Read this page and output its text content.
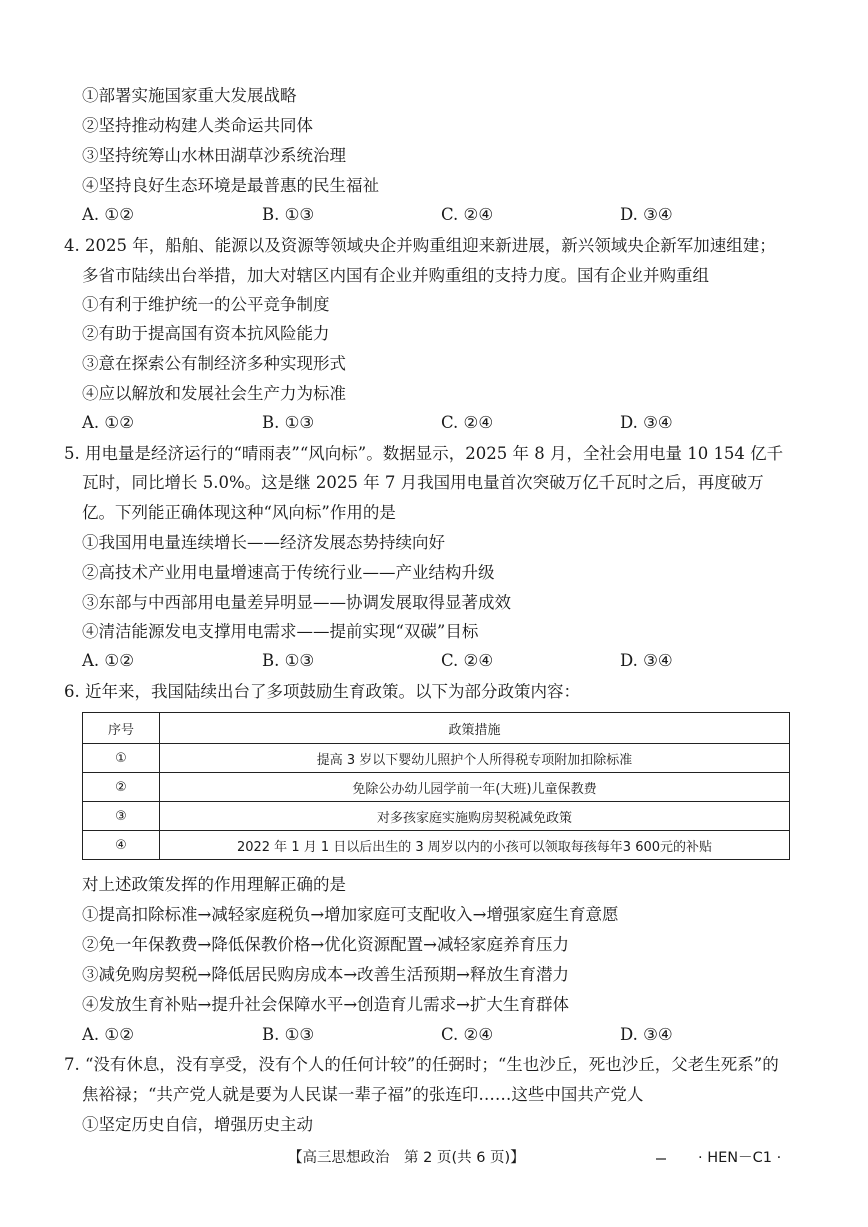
①部署实施国家重大发展战略
②坚持推动构建人类命运共同体
③坚持统筹山水林田湖草沙系统治理
④坚持良好生态环境是最普惠的民生福祉
A. ①②	B. ①③	C. ②④	D. ③④
4. 2025 年，船舶、能源以及资源等领域央企并购重组迎来新进展，新兴领域央企新军加速组建；
多省市陆续出台举措，加大对辖区内国有企业并购重组的支持力度。国有企业并购重组
①有利于维护统一的公平竞争制度
②有助于提高国有资本抗风险能力
③意在探索公有制经济多种实现形式
④应以解放和发展社会生产力为标准
A. ①②	B. ①③	C. ②④	D. ③④
5. 用电量是经济运行的“晴雨表”“风向标”。数据显示，2025 年 8 月，全社会用电量 10 154 亿千
瓦时，同比增长 5.0%。这是继 2025 年 7 月我国用电量首次突破万亿千瓦时之后，再度破万
亿。下列能正确体现这种“风向标”作用的是
①我国用电量连续增长——经济发展态势持续向好
②高技术产业用电量增速高于传统行业——产业结构升级
③东部与中西部用电量差异明显——协调发展取得显著成效
④清洁能源发电支撑用电需求——提前实现“双碳”目标
A. ①②	B. ①③	C. ②④	D. ③④
6. 近年来，我国陆续出台了多项鼓励生育政策。以下为部分政策内容：
序号	政策措施
①	提高 3 岁以下婴幼儿照护个人所得税专项附加扣除标准
②	免除公办幼儿园学前一年(大班)儿童保教费
③	对多孩家庭实施购房契税减免政策
④	2022 年 1 月 1 日以后出生的 3 周岁以内的小孩可以领取每孩每年3 600元的补贴
对上述政策发挥的作用理解正确的是
①提高扣除标准→减轻家庭税负→增加家庭可支配收入→增强家庭生育意愿
②免一年保教费→降低保教价格→优化资源配置→减轻家庭养育压力
③减免购房契税→降低居民购房成本→改善生活预期→释放生育潜力
④发放生育补贴→提升社会保障水平→创造育儿需求→扩大生育群体
A. ①②	B. ①③	C. ②④	D. ③④
7. “没有休息，没有享受，没有个人的任何计较”的任弼时；“生也沙丘，死也沙丘，父老生死系”的
焦裕禄；“共产党人就是要为人民谋一辈子福”的张连印……这些中国共产党人
①坚定历史自信，增强历史主动
【高三思想政治　第 2 页(共 6 页)】	· HEN－C1 ·
